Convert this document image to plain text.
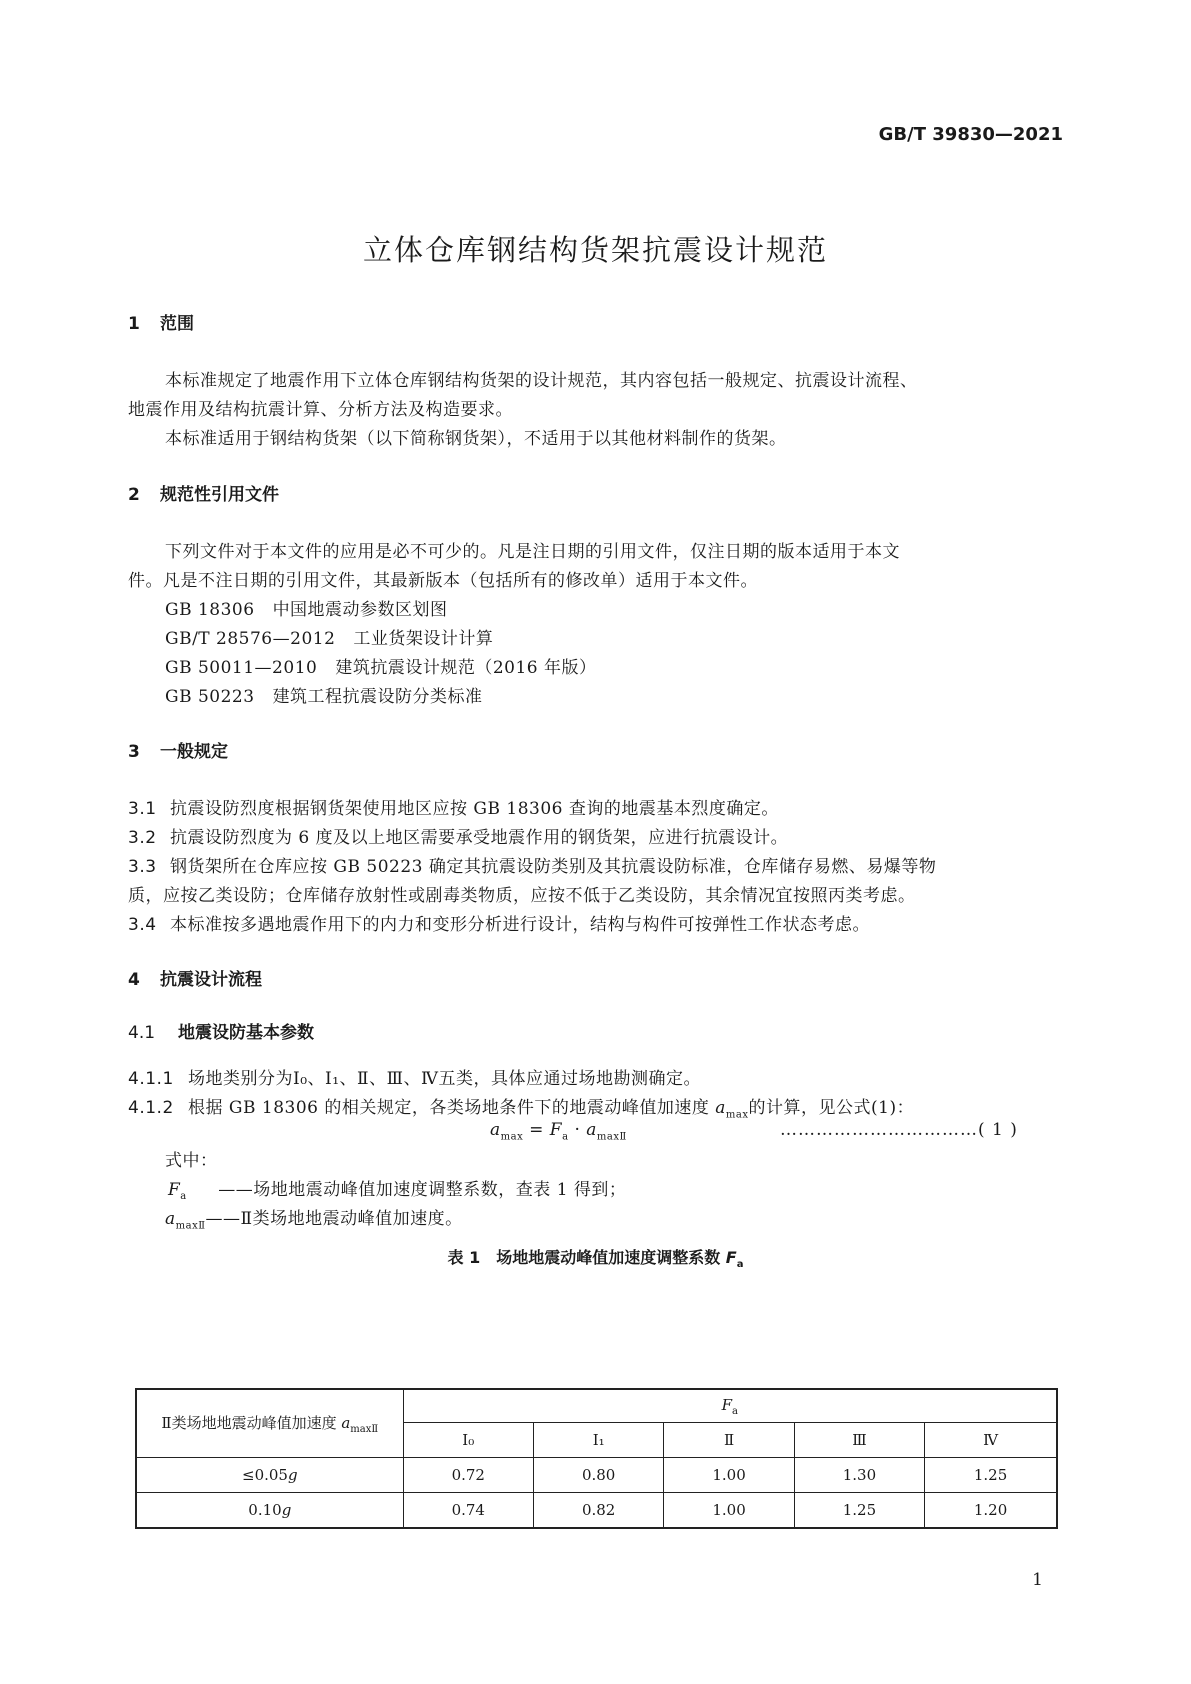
GB/T 39830—2021
立体仓库钢结构货架抗震设计规范
1 范围
本标准规定了地震作用下立体仓库钢结构货架的设计规范，其内容包括一般规定、抗震设计流程、
地震作用及结构抗震计算、分析方法及构造要求。
本标准适用于钢结构货架（以下简称钢货架），不适用于以其他材料制作的货架。
2 规范性引用文件
下列文件对于本文件的应用是必不可少的。凡是注日期的引用文件，仅注日期的版本适用于本文
件。凡是不注日期的引用文件，其最新版本（包括所有的修改单）适用于本文件。
GB 18306 中国地震动参数区划图
GB/T 28576—2012 工业货架设计计算
GB 50011—2010 建筑抗震设计规范（2016 年版）
GB 50223 建筑工程抗震设防分类标准
3 一般规定
3.1 抗震设防烈度根据钢货架使用地区应按 GB 18306 查询的地震基本烈度确定。
3.2 抗震设防烈度为 6 度及以上地区需要承受地震作用的钢货架，应进行抗震设计。
3.3 钢货架所在仓库应按 GB 50223 确定其抗震设防类别及其抗震设防标准，仓库储存易燃、易爆等物
质，应按乙类设防；仓库储存放射性或剧毒类物质，应按不低于乙类设防，其余情况宜按照丙类考虑。
3.4 本标准按多遇地震作用下的内力和变形分析进行设计，结构与构件可按弹性工作状态考虑。
4 抗震设计流程
4.1 地震设防基本参数
4.1.1 场地类别分为Ⅰ₀、Ⅰ₁、Ⅱ、Ⅲ、Ⅳ五类，具体应通过场地勘测确定。
4.1.2 根据 GB 18306 的相关规定，各类场地条件下的地震动峰值加速度 $a_{max}$的计算，见公式(1)：
$a_{max} = F_a \cdot a_{maxⅡ}$	……………………………( 1 )
式中：
$F_a$ ——场地地震动峰值加速度调整系数，查表 1 得到；
$a_{maxⅡ}——Ⅱ$类场地地震动峰值加速度。
表 1　场地地震动峰值加速度调整系数 $F_a$
Ⅱ类场地地震动峰值加速度 $a_{maxⅡ}$	$F_a$
	Ⅰ₀	Ⅰ₁	Ⅱ	Ⅲ	Ⅳ
≤0.05g	0.72	0.80	1.00	1.30	1.25
0.10g	0.74	0.82	1.00	1.25	1.20
1
